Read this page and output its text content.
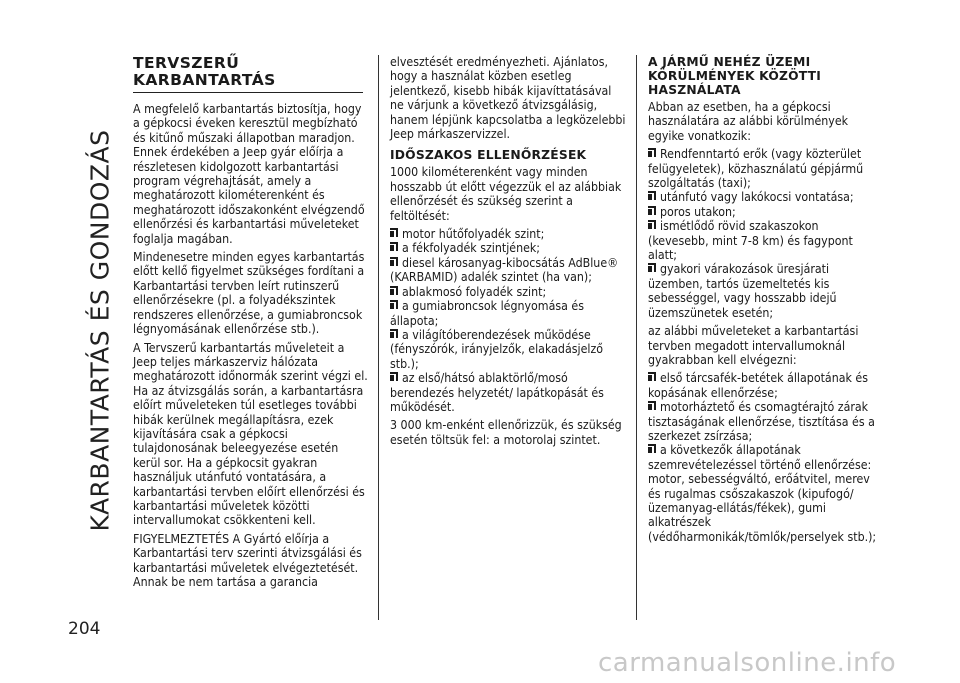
KARBANTARTÁS ÉS GONDOZÁS
204
TERVSZERŰ
KARBANTARTÁS

A megfelelő karbantartás biztosítja, hogy a gépkocsi éveken keresztül megbízható és kitűnő műszaki állapotban maradjon. Ennek érdekében a Jeep gyár előírja a részletesen kidolgozott karbantartási program végrehajtását, amely a meghatározott kilométerenként és meghatározott időszakonként elvégzendő ellenőrzési és karbantartási műveleteket foglalja magában.

Mindenesetre minden egyes karbantartás előtt kellő figyelmet szükséges fordítani a Karbantartási tervben leírt rutinszerű ellenőrzésekre (pl. a folyadékszintek rendszeres ellenőrzése, a gumiabroncsok légnyomásának ellenőrzése stb.).

A Tervszerű karbantartás műveleteit a Jeep teljes márkaszerviz hálózata meghatározott időnormák szerint végzi el. Ha az átvizsgálás során, a karbantartásra előírt műveleteken túl esetleges további hibák kerülnek megállapításra, ezek kijavítására csak a gépkocsi tulajdonosának beleegyezése esetén kerül sor. Ha a gépkocsit gyakran használjuk utánfutó vontatására, a karbantartási tervben előírt ellenőrzési és karbantartási műveletek közötti intervallumokat csökkenteni kell.

FIGYELMEZTETÉS A Gyártó előírja a Karbantartási terv szerinti átvizsgálási és karbantartási műveletek elvégeztetését. Annak be nem tartása a garancia

elvesztését eredményezheti. Ajánlatos, hogy a használat közben esetleg jelentkező, kisebb hibák kijavíttatásával ne várjunk a következő átvizsgálásig, hanem lépjünk kapcsolatba a legközelebbi Jeep márkaszervizzel.

IDŐSZAKOS ELLENŐRZÉSEK

1000 kilométerenként vagy minden hosszabb út előtt végezzük el az alábbiak ellenőrzését és szükség szerint a feltöltését:

motor hűtőfolyadék szint;
a fékfolyadék szintjének;
diesel károsanyag-kibocsátás AdBlue® (KARBAMID) adalék szintet (ha van);
ablakmosó folyadék szint;
a gumiabroncsok légnyomása és állapota;
a világítóberendezések működése (fényszórók, irányjelzők, elakadásjelző stb.);
az első/hátsó ablaktörlő/mosó berendezés helyzetét/ lapátkopását és működését.

3 000 km-enként ellenőrizzük, és szükség esetén töltsük fel: a motorolaj szintet.

A JÁRMŰ NEHÉZ ÜZEMI
KÖRÜLMÉNYEK KÖZÖTTI
HASZNÁLATA

Abban az esetben, ha a gépkocsi használatára az alábbi körülmények egyike vonatkozik:

Rendfenntartó erők (vagy közterület felügyeletek), közhasználatú gépjármű szolgáltatás (taxi);
utánfutó vagy lakókocsi vontatása;
poros utakon;
ismétlődő rövid szakaszokon (kevesebb, mint 7-8 km) és fagypont alatt;
gyakori várakozások üresjárati üzemben, tartós üzemeltetés kis sebességgel, vagy hosszabb idejű üzemszünetek esetén;

az alábbi műveleteket a karbantartási tervben megadott intervallumoknál gyakrabban kell elvégezni:

első tárcsafék-betétek állapotának és kopásának ellenőrzése;
motorháztető és csomagtérajtó zárak tisztaságának ellenőrzése, tisztítása és a szerkezet zsírzása;
a következők állapotának szemrevételezéssel történő ellenőrzése: motor, sebességváltó, erőátvitel, merev és rugalmas csőszakaszok (kipufogó/üzemanyag-ellátás/fékek), gumi alkatrészek (védőharmonikák/tömlők/perselyek stb.);
carmanualsonline.info
